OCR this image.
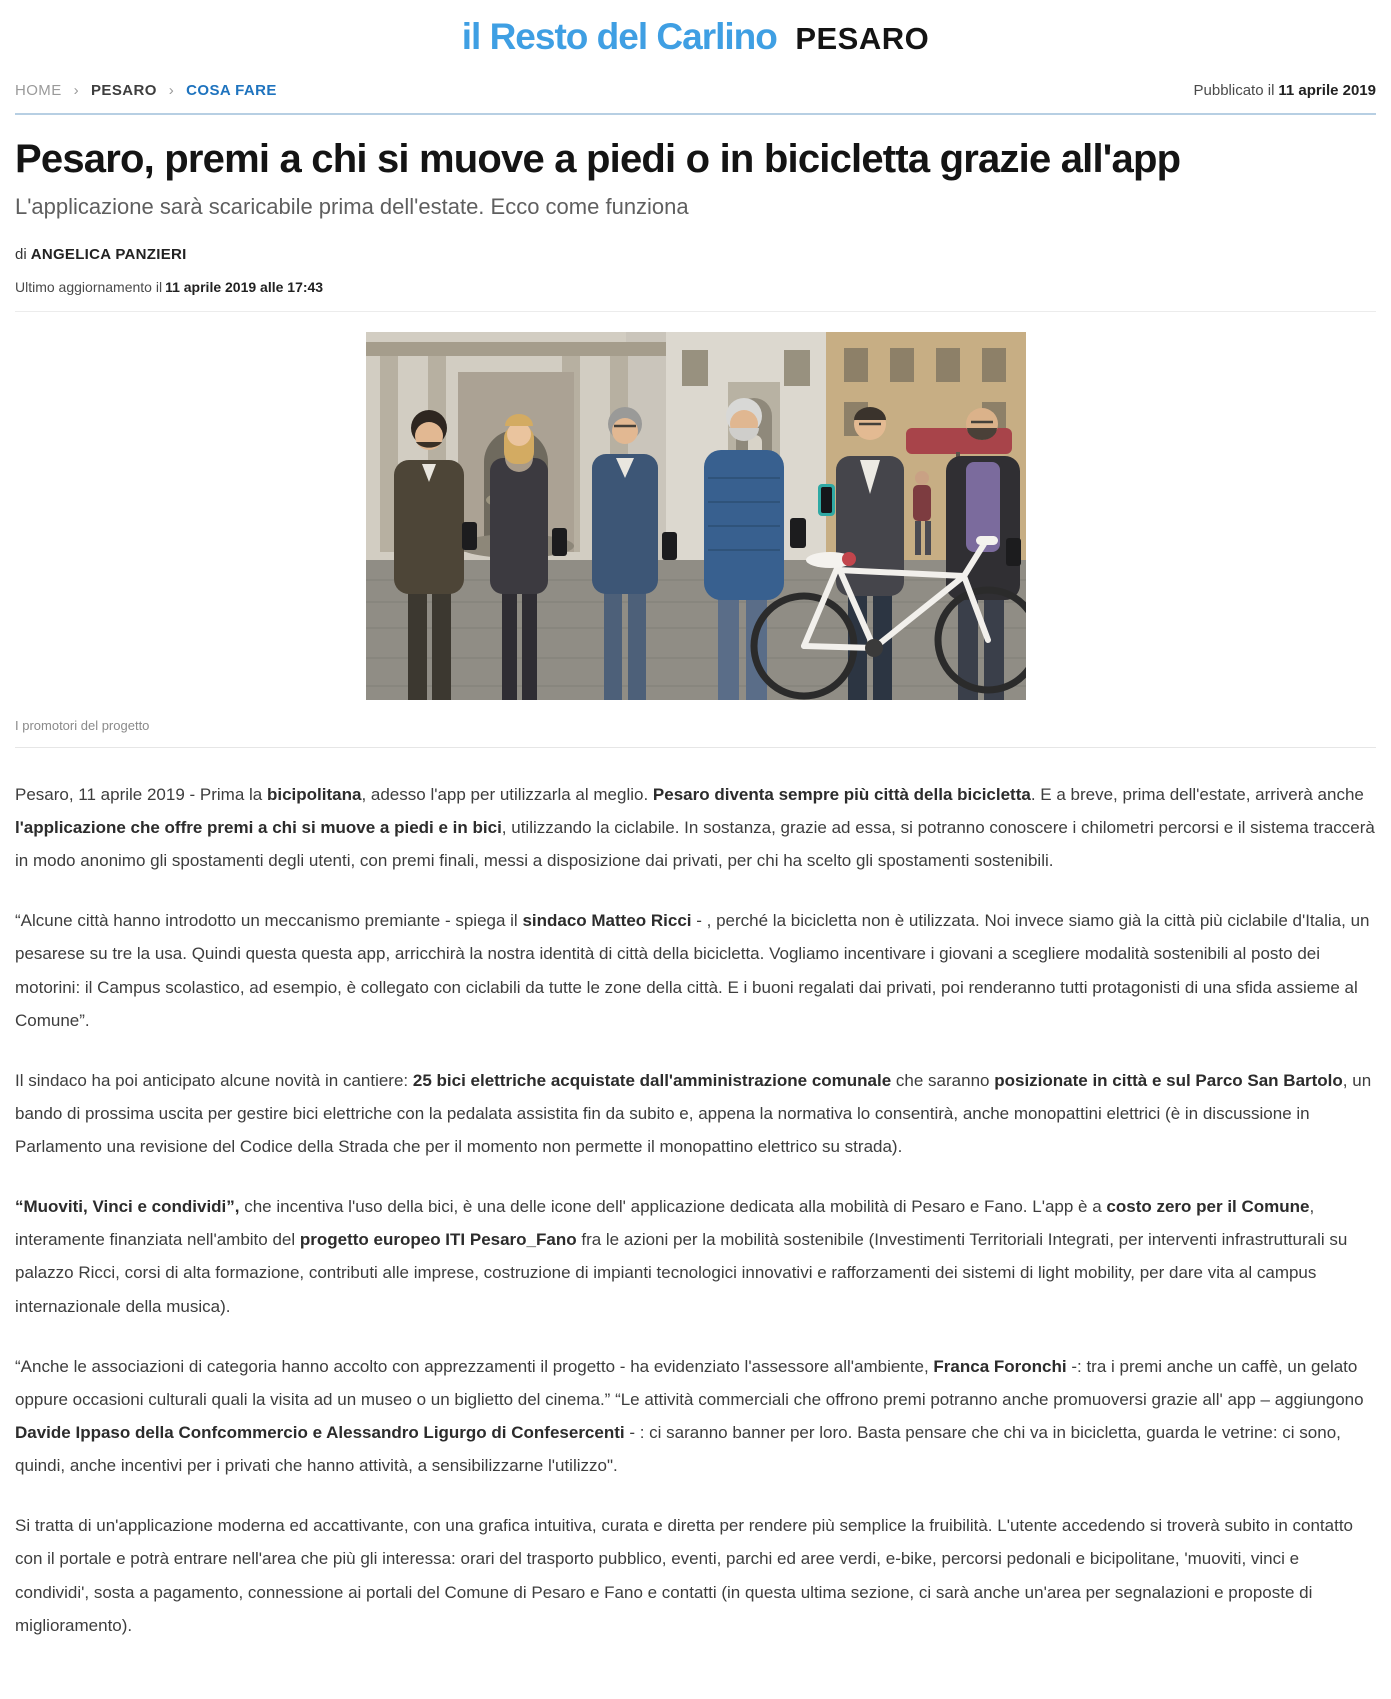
il Resto del Carlino PESARO
HOME › PESARO › COSA FARE	Pubblicato il 11 aprile 2019
Pesaro, premi a chi si muove a piedi o in bicicletta grazie all'app
L'applicazione sarà scaricabile prima dell'estate. Ecco come funziona
di ANGELICA PANZIERI
Ultimo aggiornamento il 11 aprile 2019 alle 17:43
I promotori del progetto

Pesaro, 11 aprile 2019 - Prima la bicipolitana, adesso l'app per utilizzarla al meglio. Pesaro diventa sempre più città della bicicletta. E a breve, prima dell'estate, arriverà anche l'applicazione che offre premi a chi si muove a piedi e in bici, utilizzando la ciclabile. In sostanza, grazie ad essa, si potranno conoscere i chilometri percorsi e il sistema traccerà in modo anonimo gli spostamenti degli utenti, con premi finali, messi a disposizione dai privati, per chi ha scelto gli spostamenti sostenibili.

“Alcune città hanno introdotto un meccanismo premiante - spiega il sindaco Matteo Ricci - , perché la bicicletta non è utilizzata. Noi invece siamo già la città più ciclabile d'Italia, un pesarese su tre la usa. Quindi questa questa app, arricchirà la nostra identità di città della bicicletta. Vogliamo incentivare i giovani a scegliere modalità sostenibili al posto dei motorini: il Campus scolastico, ad esempio, è collegato con ciclabili da tutte le zone della città. E i buoni regalati dai privati, poi renderanno tutti protagonisti di una sfida assieme al Comune”.

Il sindaco ha poi anticipato alcune novità in cantiere: 25 bici elettriche acquistate dall'amministrazione comunale che saranno posizionate in città e sul Parco San Bartolo, un bando di prossima uscita per gestire bici elettriche con la pedalata assistita fin da subito e, appena la normativa lo consentirà, anche monopattini elettrici (è in discussione in Parlamento una revisione del Codice della Strada che per il momento non permette il monopattino elettrico su strada).

“Muoviti, Vinci e condividi”, che incentiva l'uso della bici, è una delle icone dell' applicazione dedicata alla mobilità di Pesaro e Fano. L'app è a costo zero per il Comune, interamente finanziata nell'ambito del progetto europeo ITI Pesaro_Fano fra le azioni per la mobilità sostenibile (Investimenti Territoriali Integrati, per interventi infrastrutturali su palazzo Ricci, corsi di alta formazione, contributi alle imprese, costruzione di impianti tecnologici innovativi e rafforzamenti dei sistemi di light mobility, per dare vita al campus internazionale della musica).

“Anche le associazioni di categoria hanno accolto con apprezzamenti il progetto - ha evidenziato l'assessore all'ambiente, Franca Foronchi -: tra i premi anche un caffè, un gelato oppure occasioni culturali quali la visita ad un museo o un biglietto del cinema.” “Le attività commerciali che offrono premi potranno anche promuoversi grazie all' app – aggiungono Davide Ippaso della Confcommercio e Alessandro Ligurgo di Confesercenti - : ci saranno banner per loro. Basta pensare che chi va in bicicletta, guarda le vetrine: ci sono, quindi, anche incentivi per i privati che hanno attività, a sensibilizzarne l'utilizzo".

Si tratta di un'applicazione moderna ed accattivante, con una grafica intuitiva, curata e diretta per rendere più semplice la fruibilità. L'utente accedendo si troverà subito in contatto con il portale e potrà entrare nell'area che più gli interessa: orari del trasporto pubblico, eventi, parchi ed aree verdi, e-bike, percorsi pedonali e bicipolitane, 'muoviti, vinci e condividi', sosta a pagamento, connessione ai portali del Comune di Pesaro e Fano e contatti (in questa ultima sezione, ci sarà anche un'area per segnalazioni e proposte di miglioramento).
